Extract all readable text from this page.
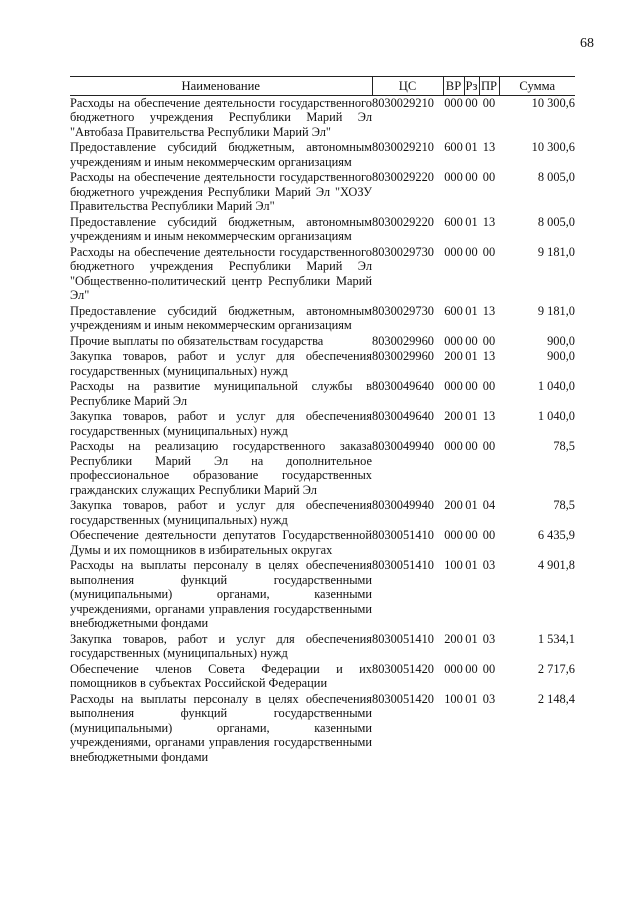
68
Наименование	ЦС	ВР	Рз	ПР	Сумма
Расходы на обеспечение деятельности государственного бюджетного учреждения Республики Марий Эл "Автобаза Правительства Республики Марий Эл"	8030029210	000	00	00	10 300,6
Предоставление субсидий бюджетным, автономным учреждениям и иным некоммерческим организациям	8030029210	600	01	13	10 300,6
Расходы на обеспечение деятельности государственного бюджетного учреждения Республики Марий Эл "ХОЗУ Правительства Республики Марий Эл"	8030029220	000	00	00	8 005,0
Предоставление субсидий бюджетным, автономным учреждениям и иным некоммерческим организациям	8030029220	600	01	13	8 005,0
Расходы на обеспечение деятельности государственного бюджетного учреждения Республики Марий Эл "Общественно-политический центр Республики Марий Эл"	8030029730	000	00	00	9 181,0
Предоставление субсидий бюджетным, автономным учреждениям и иным некоммерческим организациям	8030029730	600	01	13	9 181,0
Прочие выплаты по обязательствам государства	8030029960	000	00	00	900,0
Закупка товаров, работ и услуг для обеспечения государственных (муниципальных) нужд	8030029960	200	01	13	900,0
Расходы на развитие муниципальной службы в Республике Марий Эл	8030049640	000	00	00	1 040,0
Закупка товаров, работ и услуг для обеспечения государственных (муниципальных) нужд	8030049640	200	01	13	1 040,0
Расходы на реализацию государственного заказа Республики Марий Эл на дополнительное профессиональное образование государственных гражданских служащих Республики Марий Эл	8030049940	000	00	00	78,5
Закупка товаров, работ и услуг для обеспечения государственных (муниципальных) нужд	8030049940	200	01	04	78,5
Обеспечение деятельности депутатов Государственной Думы и их помощников в избирательных округах	8030051410	000	00	00	6 435,9
Расходы на выплаты персоналу в целях обеспечения выполнения функций государственными (муниципальными) органами, казенными учреждениями, органами управления государственными внебюджетными фондами	8030051410	100	01	03	4 901,8
Закупка товаров, работ и услуг для обеспечения государственных (муниципальных) нужд	8030051410	200	01	03	1 534,1
Обеспечение членов Совета Федерации и их помощников в субъектах Российской Федерации	8030051420	000	00	00	2 717,6
Расходы на выплаты персоналу в целях обеспечения выполнения функций государственными (муниципальными) органами, казенными учреждениями, органами управления государственными внебюджетными фондами	8030051420	100	01	03	2 148,4
